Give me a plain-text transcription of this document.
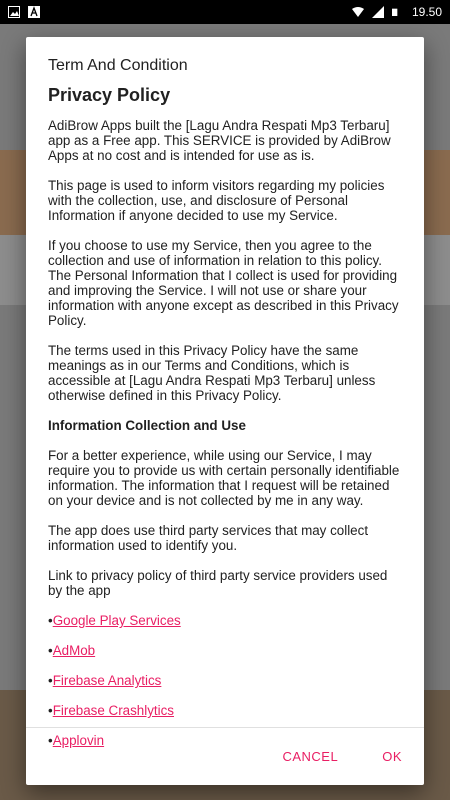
19.50
Term And Condition
Privacy Policy

AdiBrow Apps built the [Lagu Andra Respati Mp3 Terbaru] app as a Free app. This SERVICE is provided by AdiBrow Apps at no cost and is intended for use as is.

This page is used to inform visitors regarding my policies with the collection, use, and disclosure of Personal Information if anyone decided to use my Service.

If you choose to use my Service, then you agree to the collection and use of information in relation to this policy. The Personal Information that I collect is used for providing and improving the Service. I will not use or share your information with anyone except as described in this Privacy Policy.

The terms used in this Privacy Policy have the same meanings as in our Terms and Conditions, which is accessible at [Lagu Andra Respati Mp3 Terbaru] unless otherwise defined in this Privacy Policy.

Information Collection and Use

For a better experience, while using our Service, I may require you to provide us with certain personally identifiable information. The information that I request will be retained on your device and is not collected by me in any way.

The app does use third party services that may collect information used to identify you.

Link to privacy policy of third party service providers used by the app

• Google Play Services
• AdMob
• Firebase Analytics
• Firebase Crashlytics
• Applovin
CANCEL	OK
